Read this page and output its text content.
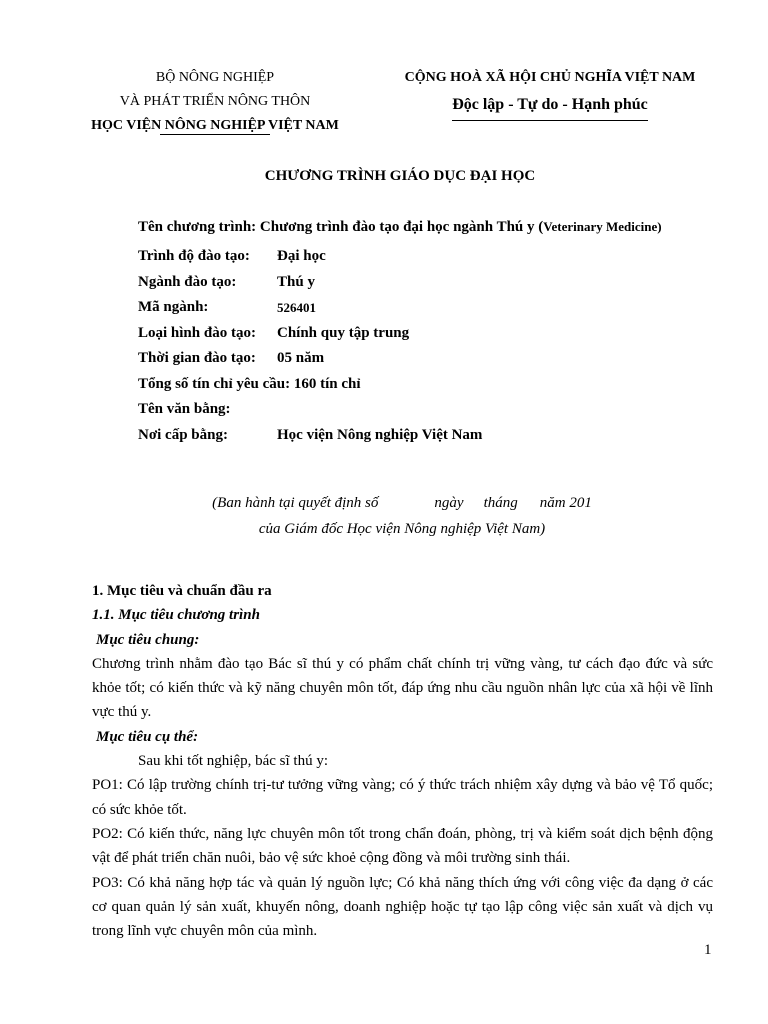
BỘ NÔNG NGHIỆP
VÀ PHÁT TRIỂN NÔNG THÔN
HỌC VIỆN NÔNG NGHIỆP VIỆT NAM
CỘNG HOÀ XÃ HỘI CHỦ NGHĨA VIỆT NAM
Độc lập - Tự do - Hạnh phúc
CHƯƠNG TRÌNH GIÁO DỤC ĐẠI HỌC
Tên chương trình: Chương trình đào tạo đại học ngành Thú y (Veterinary Medicine)
Trình độ đào tạo: Đại học
Ngành đào tạo:	Thú y
Mã ngành:	526401
Loại hình đào tạo: Chính quy tập trung
Thời gian đào tạo: 05 năm
Tổng số tín chỉ yêu cầu: 160 tín chỉ
Tên văn bằng:
Nơi cấp bằng:	Học viện Nông nghiệp Việt Nam
(Ban hành tại quyết định số	ngày tháng năm 201
của Giám đốc Học viện Nông nghiệp Việt Nam)

1. Mục tiêu và chuẩn đầu ra

1.1. Mục tiêu chương trình

Mục tiêu chung:

Chương trình nhằm đào tạo Bác sĩ thú y có phẩm chất chính trị vững vàng, tư cách đạo đức và sức khỏe tốt; có kiến thức và kỹ năng chuyên môn tốt, đáp ứng nhu cầu nguồn nhân lực của xã hội về lĩnh vực thú y.

Mục tiêu cụ thể:

Sau khi tốt nghiệp, bác sĩ thú y:

PO1: Có lập trường chính trị-tư tưởng vững vàng; có ý thức trách nhiệm xây dựng và bảo vệ Tổ quốc; có sức khỏe tốt.

PO2: Có kiến thức, năng lực chuyên môn tốt trong chẩn đoán, phòng, trị và kiểm soát dịch bệnh động vật để phát triển chăn nuôi, bảo vệ sức khoẻ cộng đồng và môi trường sinh thái.

PO3: Có khả năng hợp tác và quản lý nguồn lực; Có khả năng thích ứng với công việc đa dạng ở các cơ quan quản lý sản xuất, khuyến nông, doanh nghiệp hoặc tự tạo lập công việc sản xuất và dịch vụ trong lĩnh vực chuyên môn của mình.

1
